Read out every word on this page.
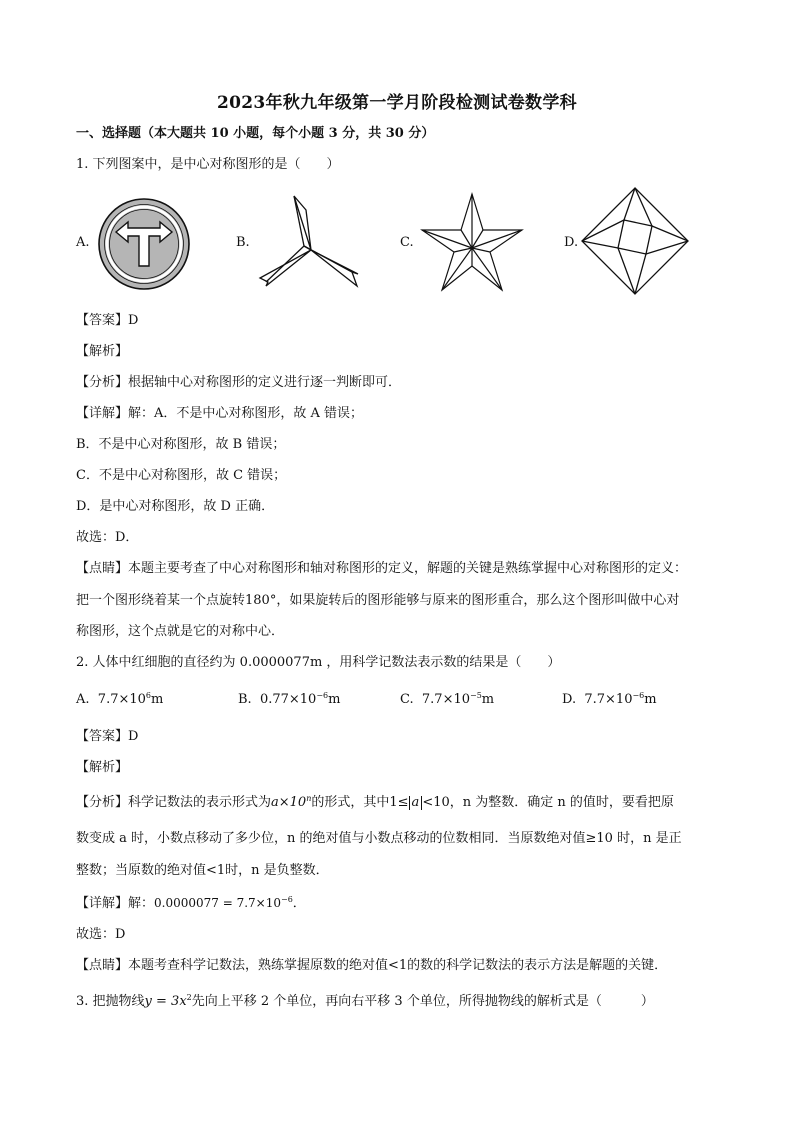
2023年秋九年级第一学月阶段检测试卷数学科
一、选择题（本大题共 10 小题，每个小题 3 分，共 30 分）
1. 下列图案中，是中心对称图形的是（　　）
A.	B.	C.	D.
【答案】D
【解析】
【分析】根据轴中心对称图形的定义进行逐一判断即可．
【详解】解：A．不是中心对称图形，故 A 错误；
B．不是中心对称图形，故 B 错误；
C．不是中心对称图形，故 C 错误；
D．是中心对称图形，故 D 正确．
故选：D．
【点睛】本题主要考查了中心对称图形和轴对称图形的定义，解题的关键是熟练掌握中心对称图形的定义：
把一个图形绕着某一个点旋转180°，如果旋转后的图形能够与原来的图形重合，那么这个图形叫做中心对
称图形，这个点就是它的对称中心．
2. 人体中红细胞的直径约为 0.0000077m ，用科学记数法表示数的结果是（　　）
A. $7.7\times 10^6m$	B. $0.77\times 10^{-6}m$	C. $7.7\times 10^{-5}m$	D. $7.7\times 10^{-6}m$
【答案】D
【解析】
【分析】科学记数法的表示形式为$a\times 10^n$的形式，其中1≤ a <10，n 为整数．确定 n 的值时，要看把原
数变成 a 时，小数点移动了多少位，n 的绝对值与小数点移动的位数相同．当原数绝对值≥10 时，n 是正
整数；当原数的绝对值<1时，n 是负整数．
【详解】解：$0.0000077 = 7.7\times 10^{-6}$．
故选：D
【点睛】本题考查科学记数法，熟练掌握原数的绝对值<1的数的科学记数法的表示方法是解题的关键．
3. 把抛物线$y = 3x^2$先向上平移 2 个单位，再向右平移 3 个单位，所得抛物线的解析式是（　　　）
